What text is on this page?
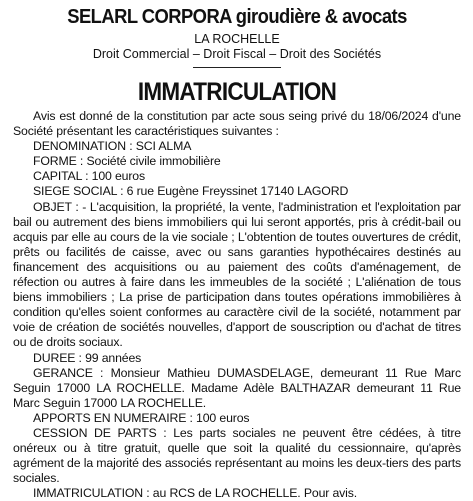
SELARL CORPORA giroudière & avocats
LA ROCHELLE
Droit Commercial – Droit Fiscal – Droit des Sociétés
IMMATRICULATION

Avis est donné de la constitution par acte sous seing privé du 18/06/2024 d'une Société présentant les caractéristiques suivantes :

DENOMINATION : SCI ALMA

FORME : Société civile immobilière

CAPITAL : 100 euros

SIEGE SOCIAL : 6 rue Eugène Freyssinet 17140 LAGORD

OBJET : - L'acquisition, la propriété, la vente, l'administration et l'exploitation par bail ou autrement des biens immobiliers qui lui seront apportés, pris à crédit-bail ou acquis par elle au cours de la vie sociale ; L'obtention de toutes ouvertures de crédit, prêts ou facilités de caisse, avec ou sans garanties hypothécaires destinés au financement des acquisitions ou au paiement des coûts d'aménagement, de réfection ou autres à faire dans les immeubles de la société ; L'aliénation de tous biens immobiliers ; La prise de participation dans toutes opérations immobilières à condition qu'elles soient conformes au caractère civil de la société, notamment par voie de création de sociétés nouvelles, d'apport de souscription ou d'achat de titres ou de droits sociaux.

DUREE : 99 années

GERANCE : Monsieur Mathieu DUMASDELAGE, demeurant 11 Rue Marc Seguin 17000 LA ROCHELLE. Madame Adèle BALTHAZAR demeurant 11 Rue Marc Seguin 17000 LA ROCHELLE.

APPORTS EN NUMERAIRE : 100 euros

CESSION DE PARTS : Les parts sociales ne peuvent être cédées, à titre onéreux ou à titre gratuit, quelle que soit la qualité du cessionnaire, qu'après agrément de la majorité des associés représentant au moins les deux-tiers des parts sociales.

IMMATRICULATION : au RCS de LA ROCHELLE. Pour avis.
